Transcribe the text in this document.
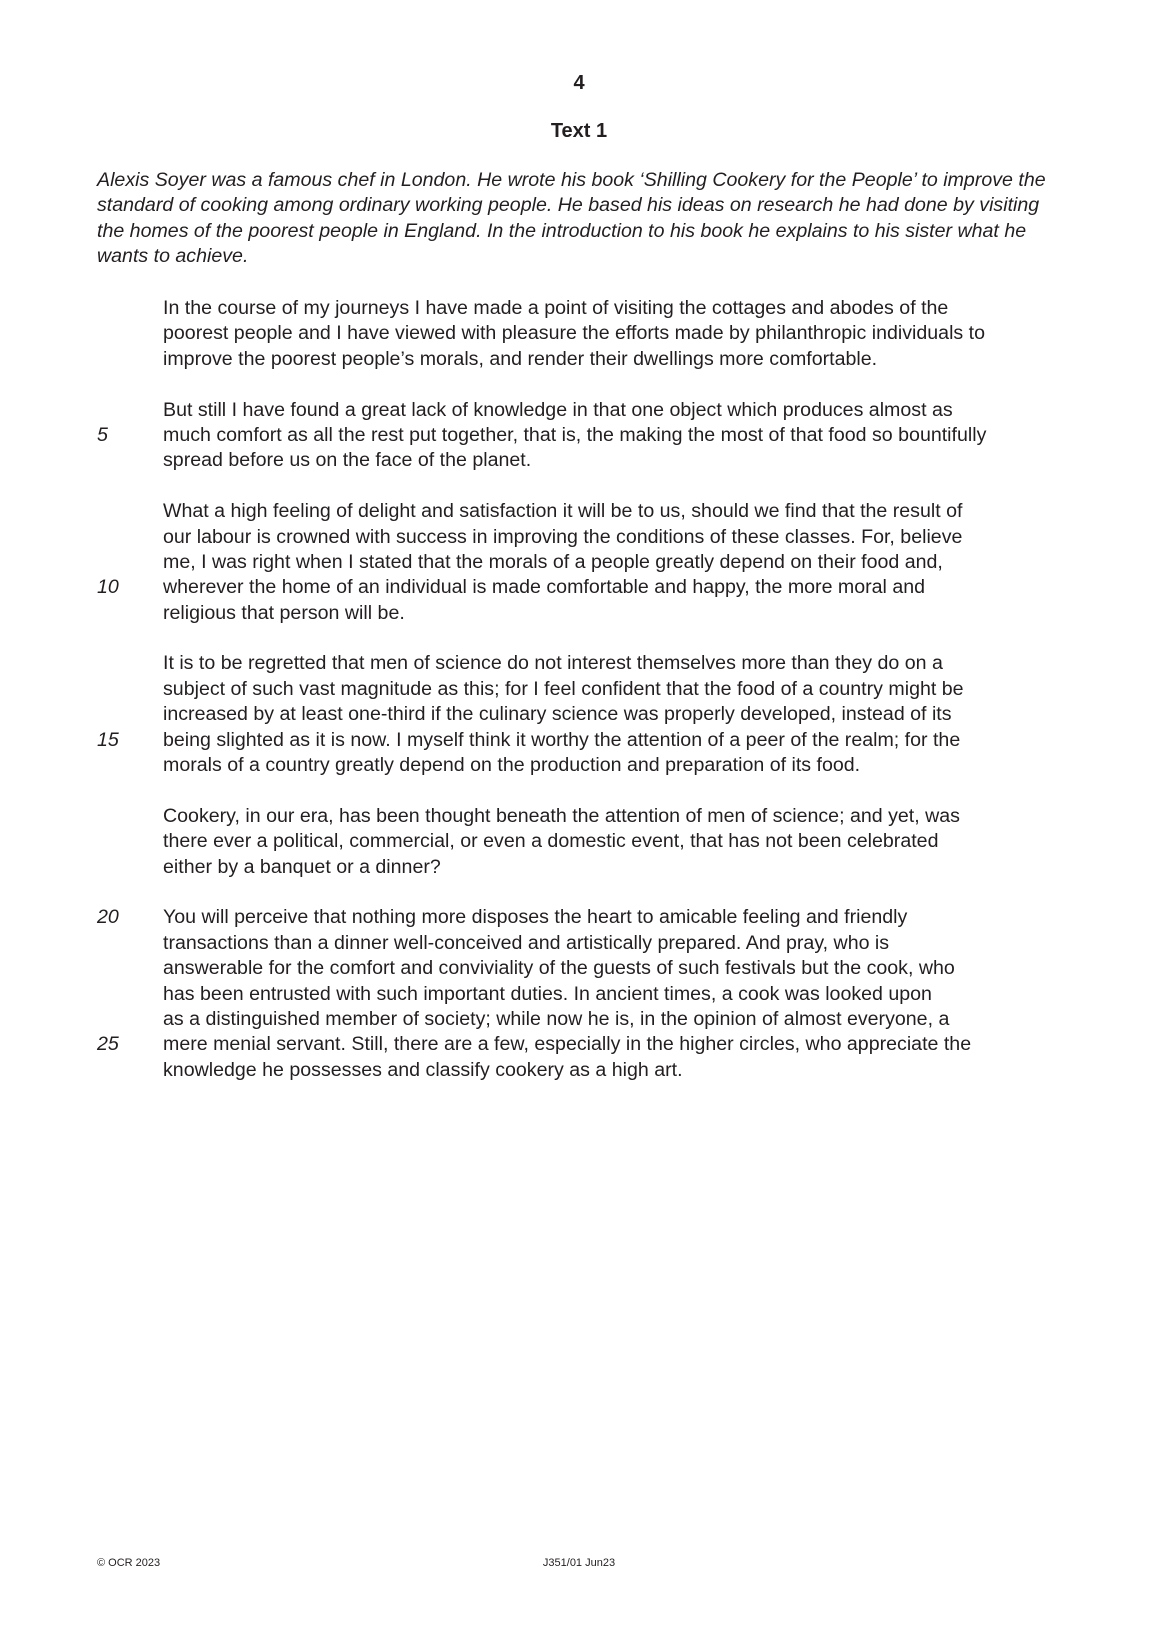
4
Text 1

Alexis Soyer was a famous chef in London. He wrote his book ‘Shilling Cookery for the People’ to improve the standard of cooking among ordinary working people. He based his ideas on research he had done by visiting the homes of the poorest people in England. In the introduction to his book he explains to his sister what he wants to achieve.

In the course of my journeys I have made a point of visiting the cottages and abodes of the
poorest people and I have viewed with pleasure the efforts made by philanthropic individuals to
improve the poorest people’s morals, and render their dwellings more comfortable.
But still I have found a great lack of knowledge in that one object which produces almost as
5	much comfort as all the rest put together, that is, the making the most of that food so bountifully
spread before us on the face of the planet.
What a high feeling of delight and satisfaction it will be to us, should we find that the result of
our labour is crowned with success in improving the conditions of these classes. For, believe
me, I was right when I stated that the morals of a people greatly depend on their food and,
10 wherever the home of an individual is made comfortable and happy, the more moral and
religious that person will be.
It is to be regretted that men of science do not interest themselves more than they do on a
subject of such vast magnitude as this; for I feel confident that the food of a country might be
increased by at least one-third if the culinary science was properly developed, instead of its
15 being slighted as it is now. I myself think it worthy the attention of a peer of the realm; for the
morals of a country greatly depend on the production and preparation of its food.
Cookery, in our era, has been thought beneath the attention of men of science; and yet, was
there ever a political, commercial, or even a domestic event, that has not been celebrated
either by a banquet or a dinner?
20 You will perceive that nothing more disposes the heart to amicable feeling and friendly
transactions than a dinner well-conceived and artistically prepared. And pray, who is
answerable for the comfort and conviviality of the guests of such festivals but the cook, who
has been entrusted with such important duties. In ancient times, a cook was looked upon
as a distinguished member of society; while now he is, in the opinion of almost everyone, a
25 mere menial servant. Still, there are a few, especially in the higher circles, who appreciate the
knowledge he possesses and classify cookery as a high art.
© OCR 2023	J351/01 Jun23
